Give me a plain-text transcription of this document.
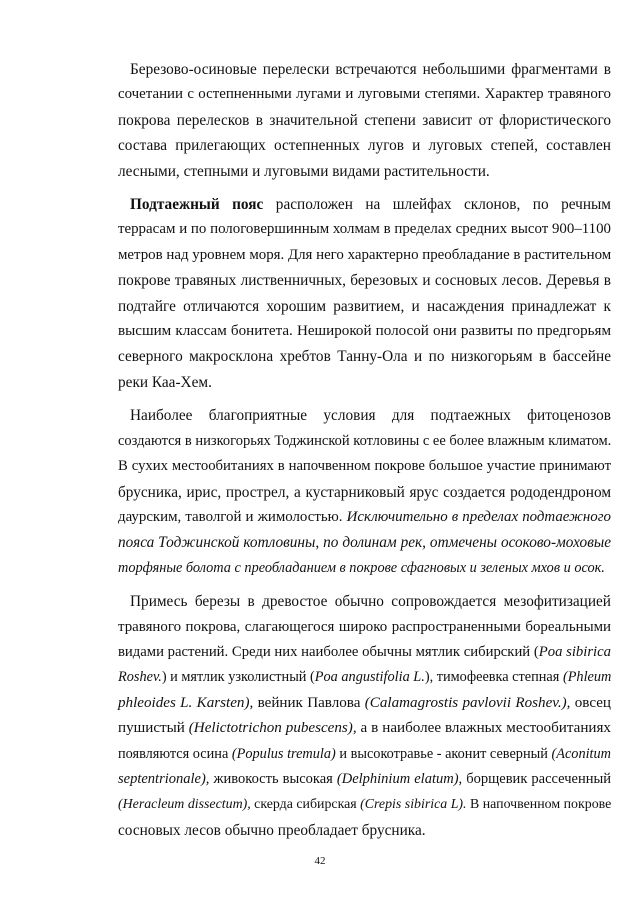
Березово-осиновые перелески встречаются небольшими фрагментами в
сочетании с остепненными лугами и луговыми степями. Характер травяного
покрова перелесков в значительной степени зависит от флористического
состава прилегающих остепненных лугов и луговых степей, составлен
лесными, степными и луговыми видами растительности.
Подтаежный пояс расположен на шлейфах склонов, по речным
террасам и по пологовершинным холмам в пределах средних высот 900–1100
метров над уровнем моря. Для него характерно преобладание в растительном
покрове травяных лиственничных, березовых и сосновых лесов. Деревья в
подтайге отличаются хорошим развитием, и насаждения принадлежат к
высшим классам бонитета. Неширокой полосой они развиты по предгорьям
северного макросклона хребтов Танну-Ола и по низкогорьям в бассейне
реки Каа-Хем.
Наиболее благоприятные условия для подтаежных фитоценозов
создаются в низкогорьях Тоджинской котловины с ее более влажным климатом.
В сухих местообитаниях в напочвенном покрове большое участие принимают
брусника, ирис, прострел, а кустарниковый ярус создается рододендроном
даурским, таволгой и жимолостью. Исключительно в пределах подтаежного
пояса Тоджинской котловины, по долинам рек, отмечены осоково-моховые
торфяные болота с преобладанием в покрове сфагновых и зеленых мхов и осок.
Примесь березы в древостое обычно сопровождается мезофитизацией
травяного покрова, слагающегося широко распространенными бореальными
видами растений. Среди них наиболее обычны мятлик сибирский (Poa sibirica
Roshev.) и мятлик узколистный (Poa angustifolia L.), тимофеевка степная (Phleum
phleoides L. Karsten), вейник Павлова (Calamagrostis pavlovii Roshev.), овсец
пушистый (Helictotrichon pubescens), а в наиболее влажных местообитаниях
появляются осина (Populus tremula) и высокотравье - аконит северный (Aconitum
septentrionale), живокость высокая (Delphinium elatum), борщевик рассеченный
(Heracleum dissectum), скерда сибирская (Crepis sibirica L). В напочвенном покрове
сосновых лесов обычно преобладает брусника.
42
